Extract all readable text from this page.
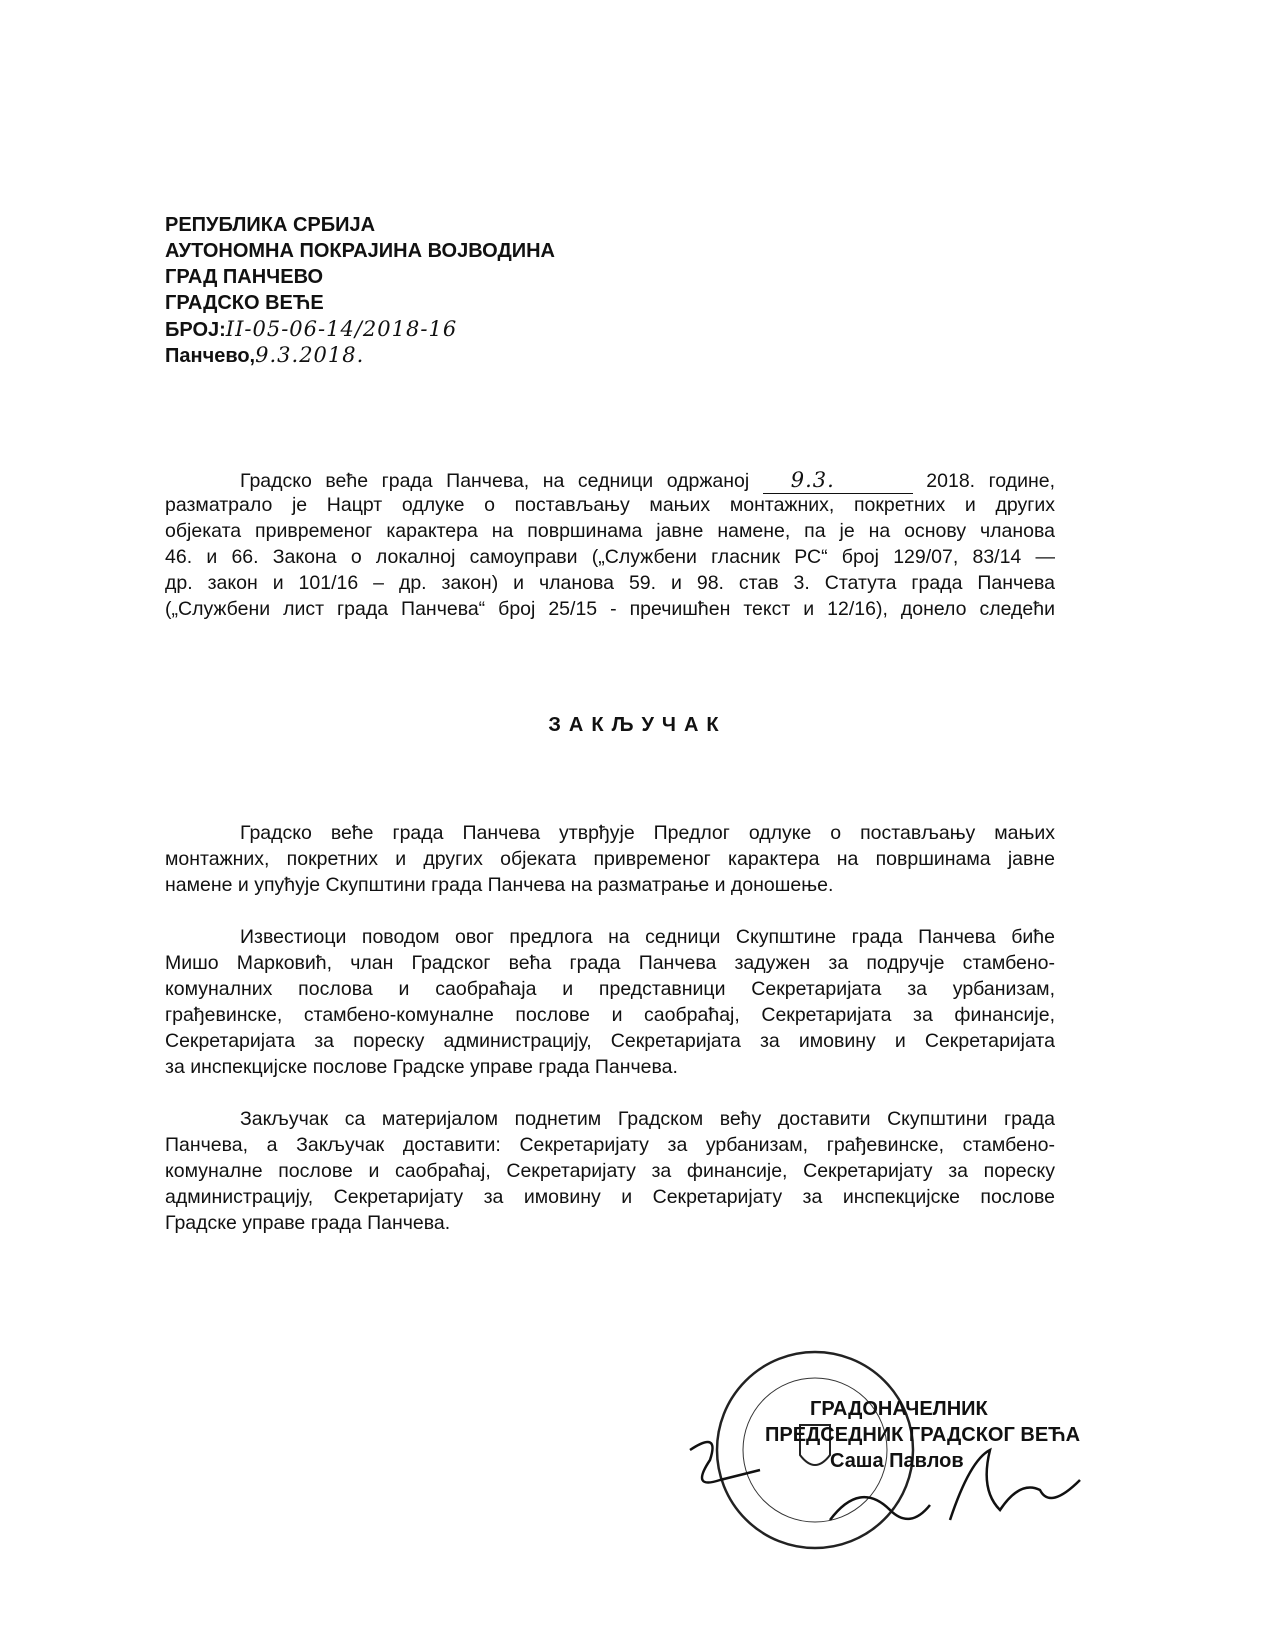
РЕПУБЛИКА СРБИЈА
АУТОНОМНА ПОКРАЈИНА ВОЈВОДИНА
ГРАД ПАНЧЕВО
ГРАДСКО ВЕЋЕ
БРОЈ:II-05-06-14/2018-16
Панчево,9.3.2018.
Градско веће града Панчева, на седници одржаној 9.3.	2018. године,
разматрало је Нацрт одлуке о постављању мањих монтажних, покретних и других
објеката привременог карактера на површинама јавне намене, па је на основу чланова
46. и 66. Закона о локалној самоуправи („Службени гласник РС“ број 129/07, 83/14 —
др. закон и 101/16 – др. закон) и чланова 59. и 98. став 3. Статута града Панчева
(„Службени лист града Панчева“ број 25/15 - пречишћен текст и 12/16), донело следећи
ЗАКЉУЧАК
Градско веће града Панчева утврђује Предлог одлуке о постављању мањих
монтажних, покретних и других објеката привременог карактера на површинама јавне
намене и упућује Скупштини града Панчева на разматрање и доношење.
Известиоци поводом овог предлога на седници Скупштине града Панчева биће
Мишо Марковић, члан Градског већа града Панчева задужен за подручје стамбено-
комуналних послова и саобраћаја и представници Секретаријата за урбанизам,
грађевинске, стамбено-комуналне послове и саобраћај, Секретаријата за финансије,
Секретаријата за пореску администрацију, Секретаријата за имовину и Секретаријата
за инспекцијске послове Градске управе града Панчева.
Закључак са материјалом поднетим Градском већу доставити Скупштини града
Панчева, а Закључак доставити: Секретаријату за урбанизам, грађевинске, стамбено-
комуналне послове и саобраћај, Секретаријату за финансије, Секретаријату за пореску
администрацију, Секретаријату за имовину и Секретаријату за инспекцијске послове
Градске управе града Панчева.
ГРАДОНАЧЕЛНИК
ПРЕДСЕДНИК ГРАДСКОГ ВЕЋА
Саша Павлов
